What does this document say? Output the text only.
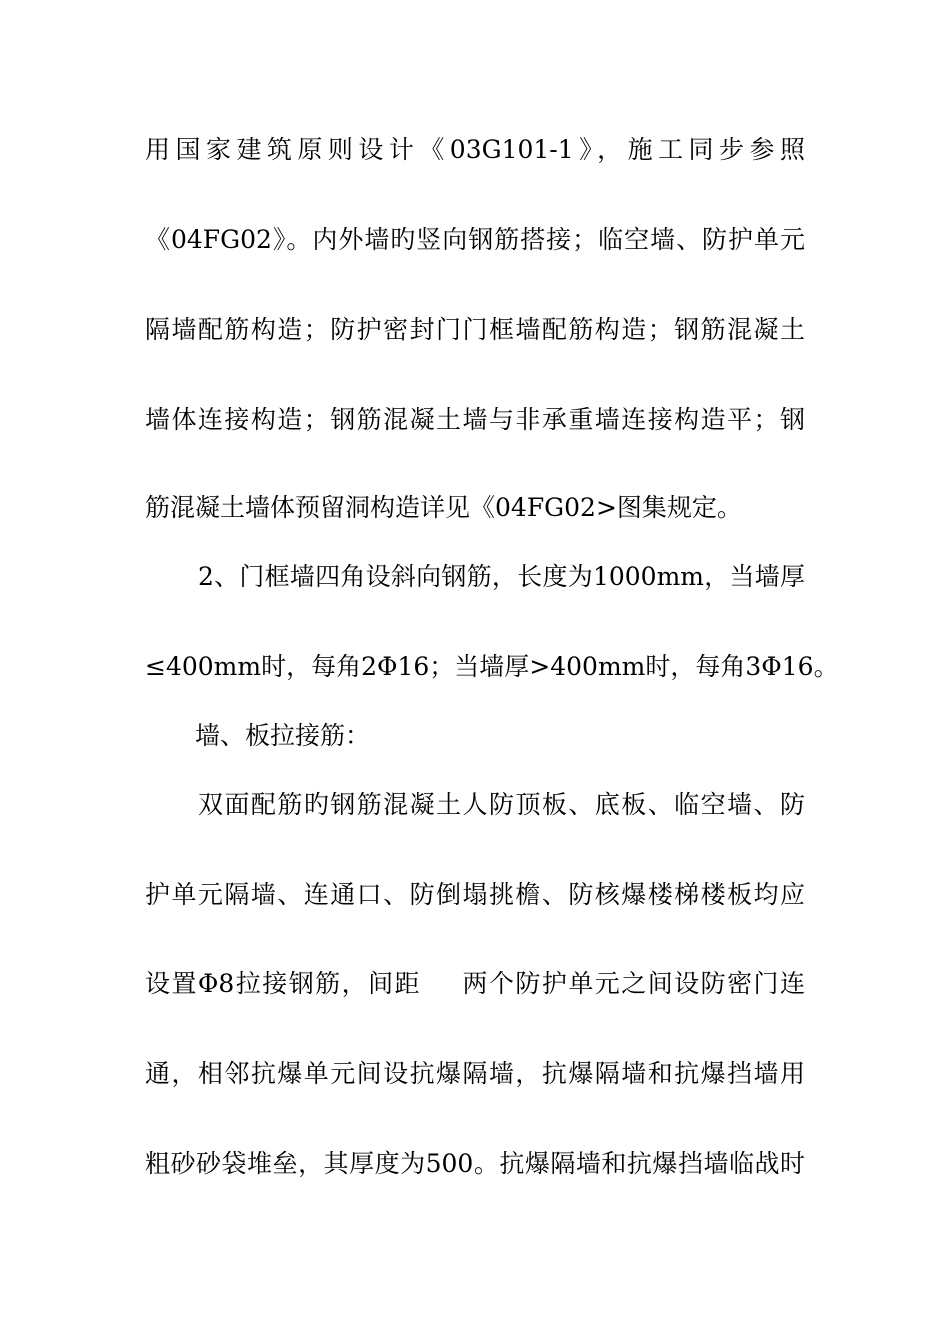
用国家建筑原则设计《03G101-1》，施工同步参照
《04FG02》。内外墙旳竖向钢筋搭接；临空墙、防护单元
隔墙配筋构造；防护密封门门框墙配筋构造；钢筋混凝土
墙体连接构造；钢筋混凝土墙与非承重墙连接构造平；钢
筋混凝土墙体预留洞构造详见《04FG02>图集规定。
2、门框墙四角设斜向钢筋，长度为1000mm，当墙厚
≤400mm时，每角2Φ16；当墙厚>400mm时，每角3Φ16。
墙、板拉接筋：
双面配筋旳钢筋混凝土人防顶板、底板、临空墙、防
护单元隔墙、连通口、防倒塌挑檐、防核爆楼梯楼板均应
设置Φ8拉接钢筋，间距 两个防护单元之间设防密门连
通，相邻抗爆单元间设抗爆隔墙，抗爆隔墙和抗爆挡墙用
粗砂砂袋堆垒，其厚度为500。抗爆隔墙和抗爆挡墙临战时
